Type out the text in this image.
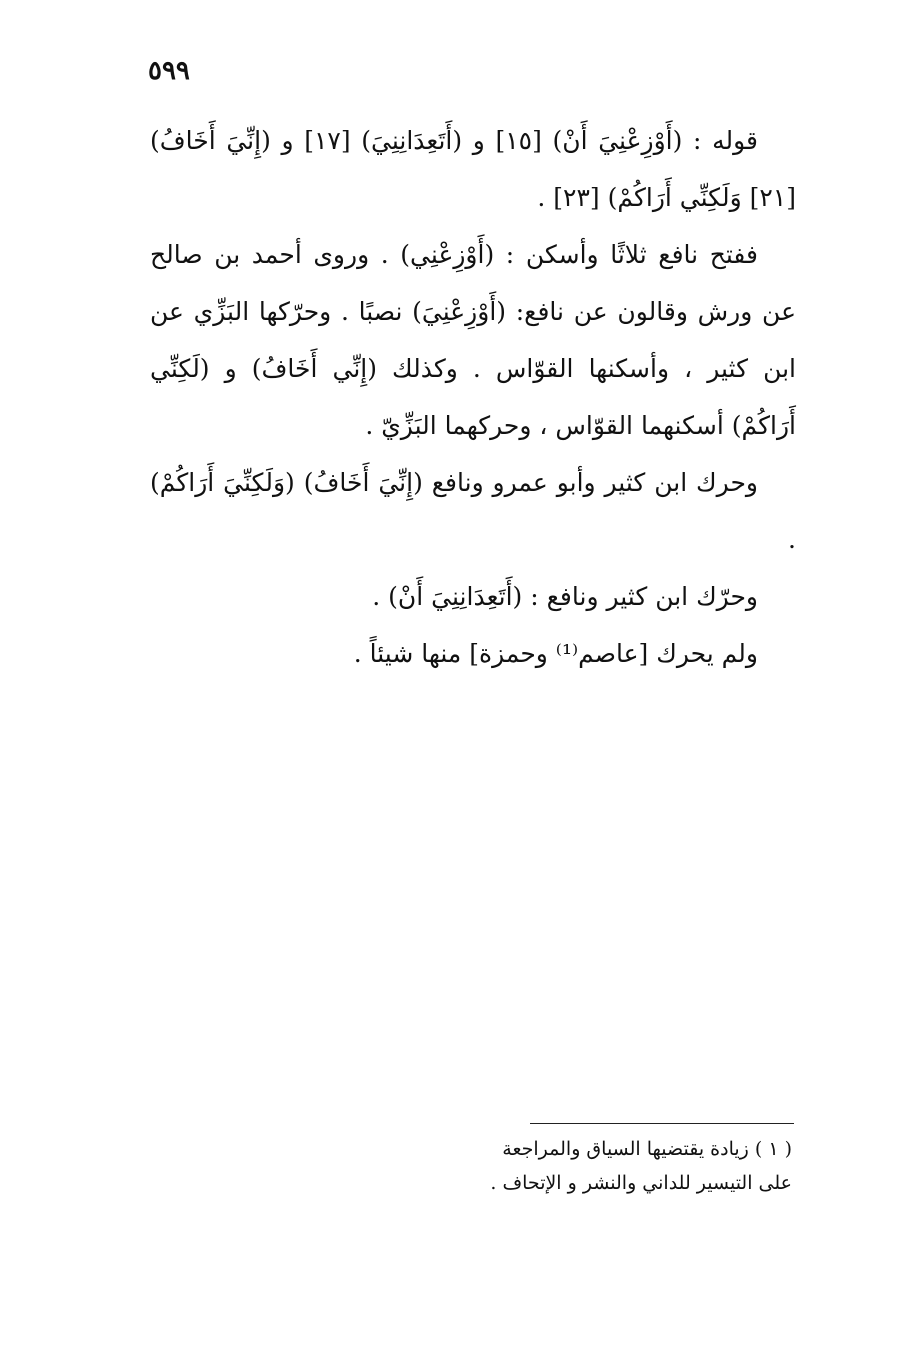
٥٩٩

قوله : (أَوْزِعْنِيَ أَنْ) [١٥] و (أَتَعِدَانِنِيَ) [١٧] و (إِنِّيَ أَخَافُ) [٢١] وَلَكِنِّي أَرَاكُمْ) [٢٣] .

ففتح نافع ثلاثًا وأسكن : (أَوْزِعْنِي) . وروى أحمد بن صالح عن ورش وقالون عن نافع: (أَوْزِعْنِيَ) نصبًا . وحرّكها البَزِّي عن ابن كثير ، وأسكنها القوّاس . وكذلك (إِنِّي أَخَافُ) و (لَكِنِّي أَرَاكُمْ) أسكنهما القوّاس ، وحركهما البَزِّيّ .

وحرك ابن كثير وأبو عمرو ونافع (إِنِّيَ أَخَافُ) (وَلَكِنِّيَ أَرَاكُمْ) .

وحرّك ابن كثير ونافع : (أَتَعِدَانِنِيَ أَنْ) .

ولم يحرك [عاصم⁽¹⁾ وحمزة] منها شيئاً .

( ١ ) زيادة يقتضيها السياق والمراجعة

على التيسير للداني والنشر و الإتحاف .
